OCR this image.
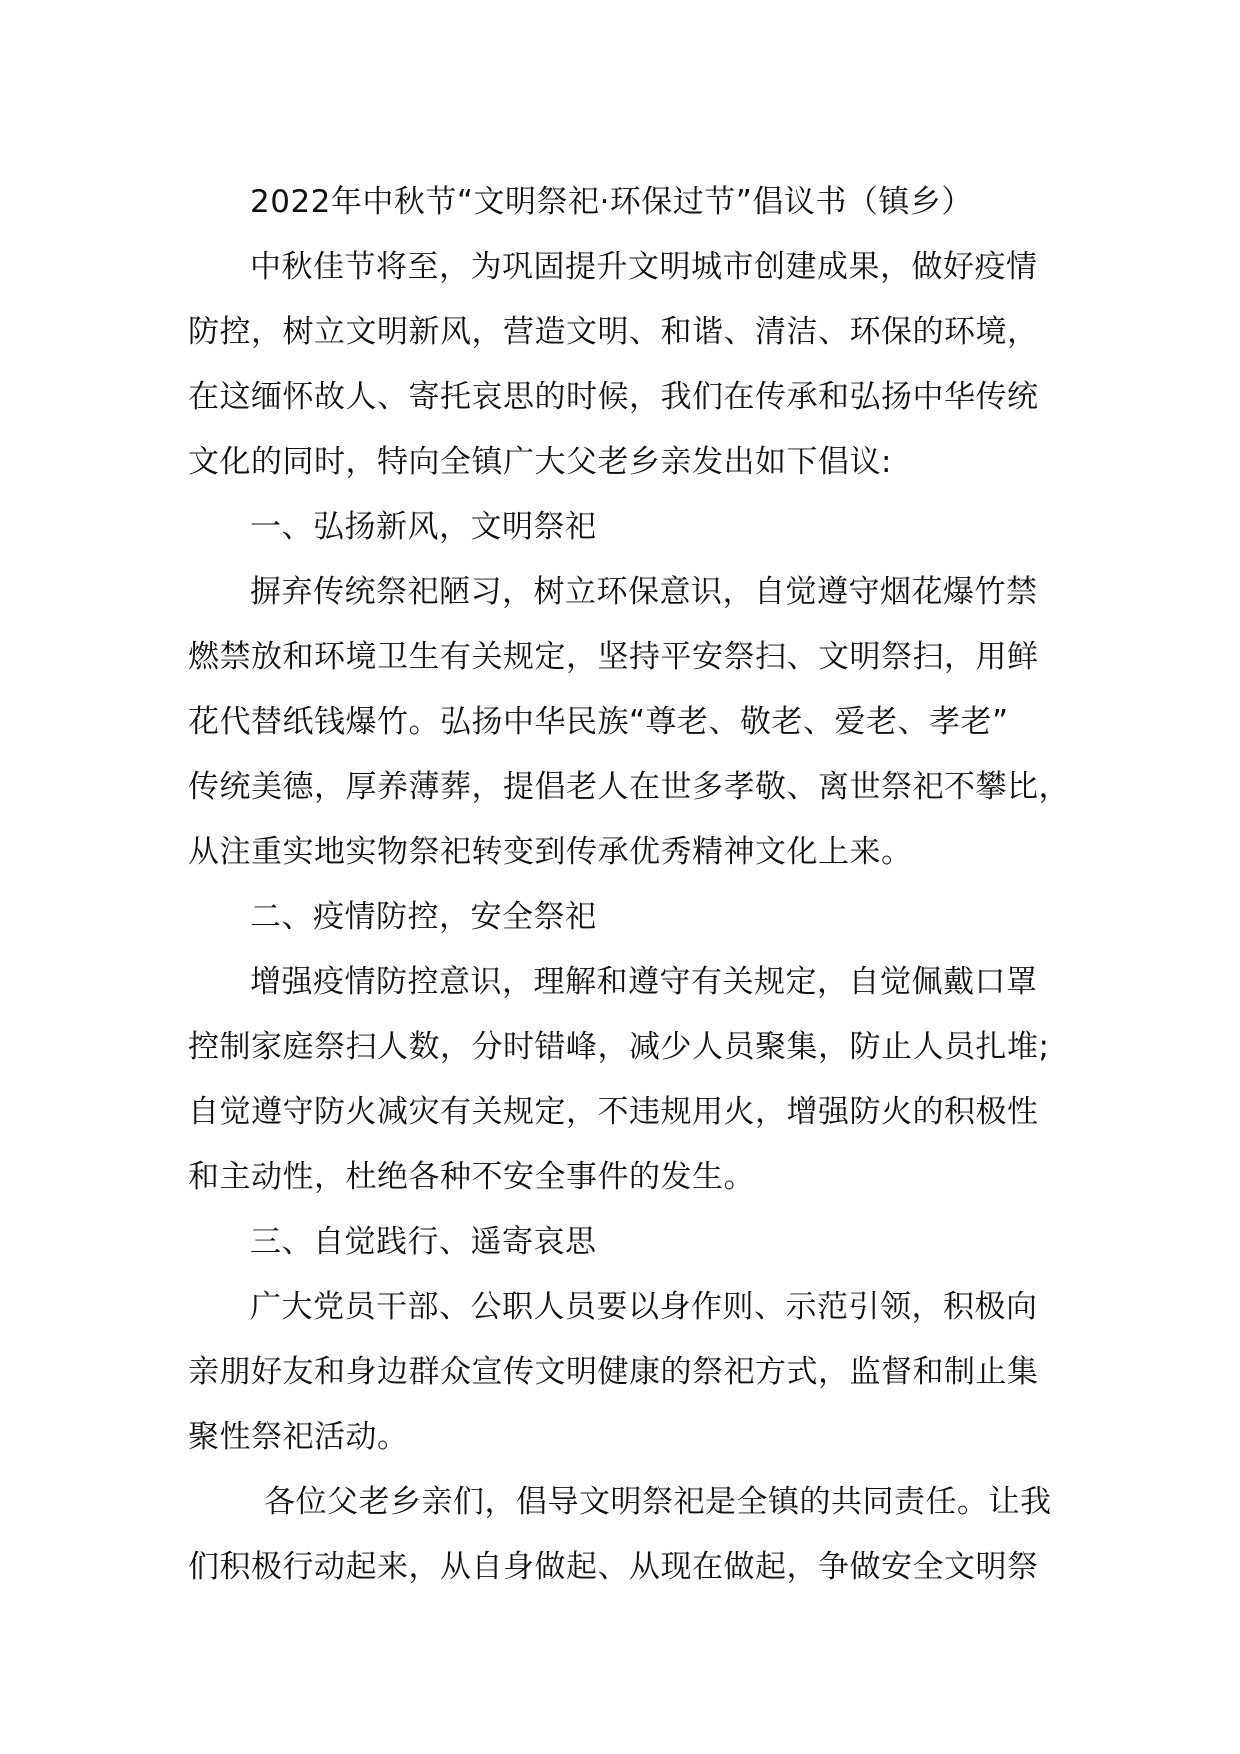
2022年中秋节“文明祭祀·环保过节”倡议书（镇乡）
中秋佳节将至，为巩固提升文明城市创建成果，做好疫情
防控，树立文明新风，营造文明、和谐、清洁、环保的环境，
在这缅怀故人、寄托哀思的时候，我们在传承和弘扬中华传统
文化的同时，特向全镇广大父老乡亲发出如下倡议:
一、弘扬新风，文明祭祀
摒弃传统祭祀陋习，树立环保意识，自觉遵守烟花爆竹禁
燃禁放和环境卫生有关规定，坚持平安祭扫、文明祭扫，用鲜
花代替纸钱爆竹。弘扬中华民族“尊老、敬老、爱老、孝老”
传统美德，厚养薄葬，提倡老人在世多孝敬、离世祭祀不攀比，
从注重实地实物祭祀转变到传承优秀精神文化上来。
二、疫情防控，安全祭祀
增强疫情防控意识，理解和遵守有关规定，自觉佩戴口罩
控制家庭祭扫人数，分时错峰，减少人员聚集，防止人员扎堆;
自觉遵守防火减灾有关规定，不违规用火，增强防火的积极性
和主动性，杜绝各种不安全事件的发生。
三、自觉践行、遥寄哀思
广大党员干部、公职人员要以身作则、示范引领，积极向
亲朋好友和身边群众宣传文明健康的祭祀方式，监督和制止集
聚性祭祀活动。
各位父老乡亲们，倡导文明祭祀是全镇的共同责任。让我
们积极行动起来，从自身做起、从现在做起，争做安全文明祭
